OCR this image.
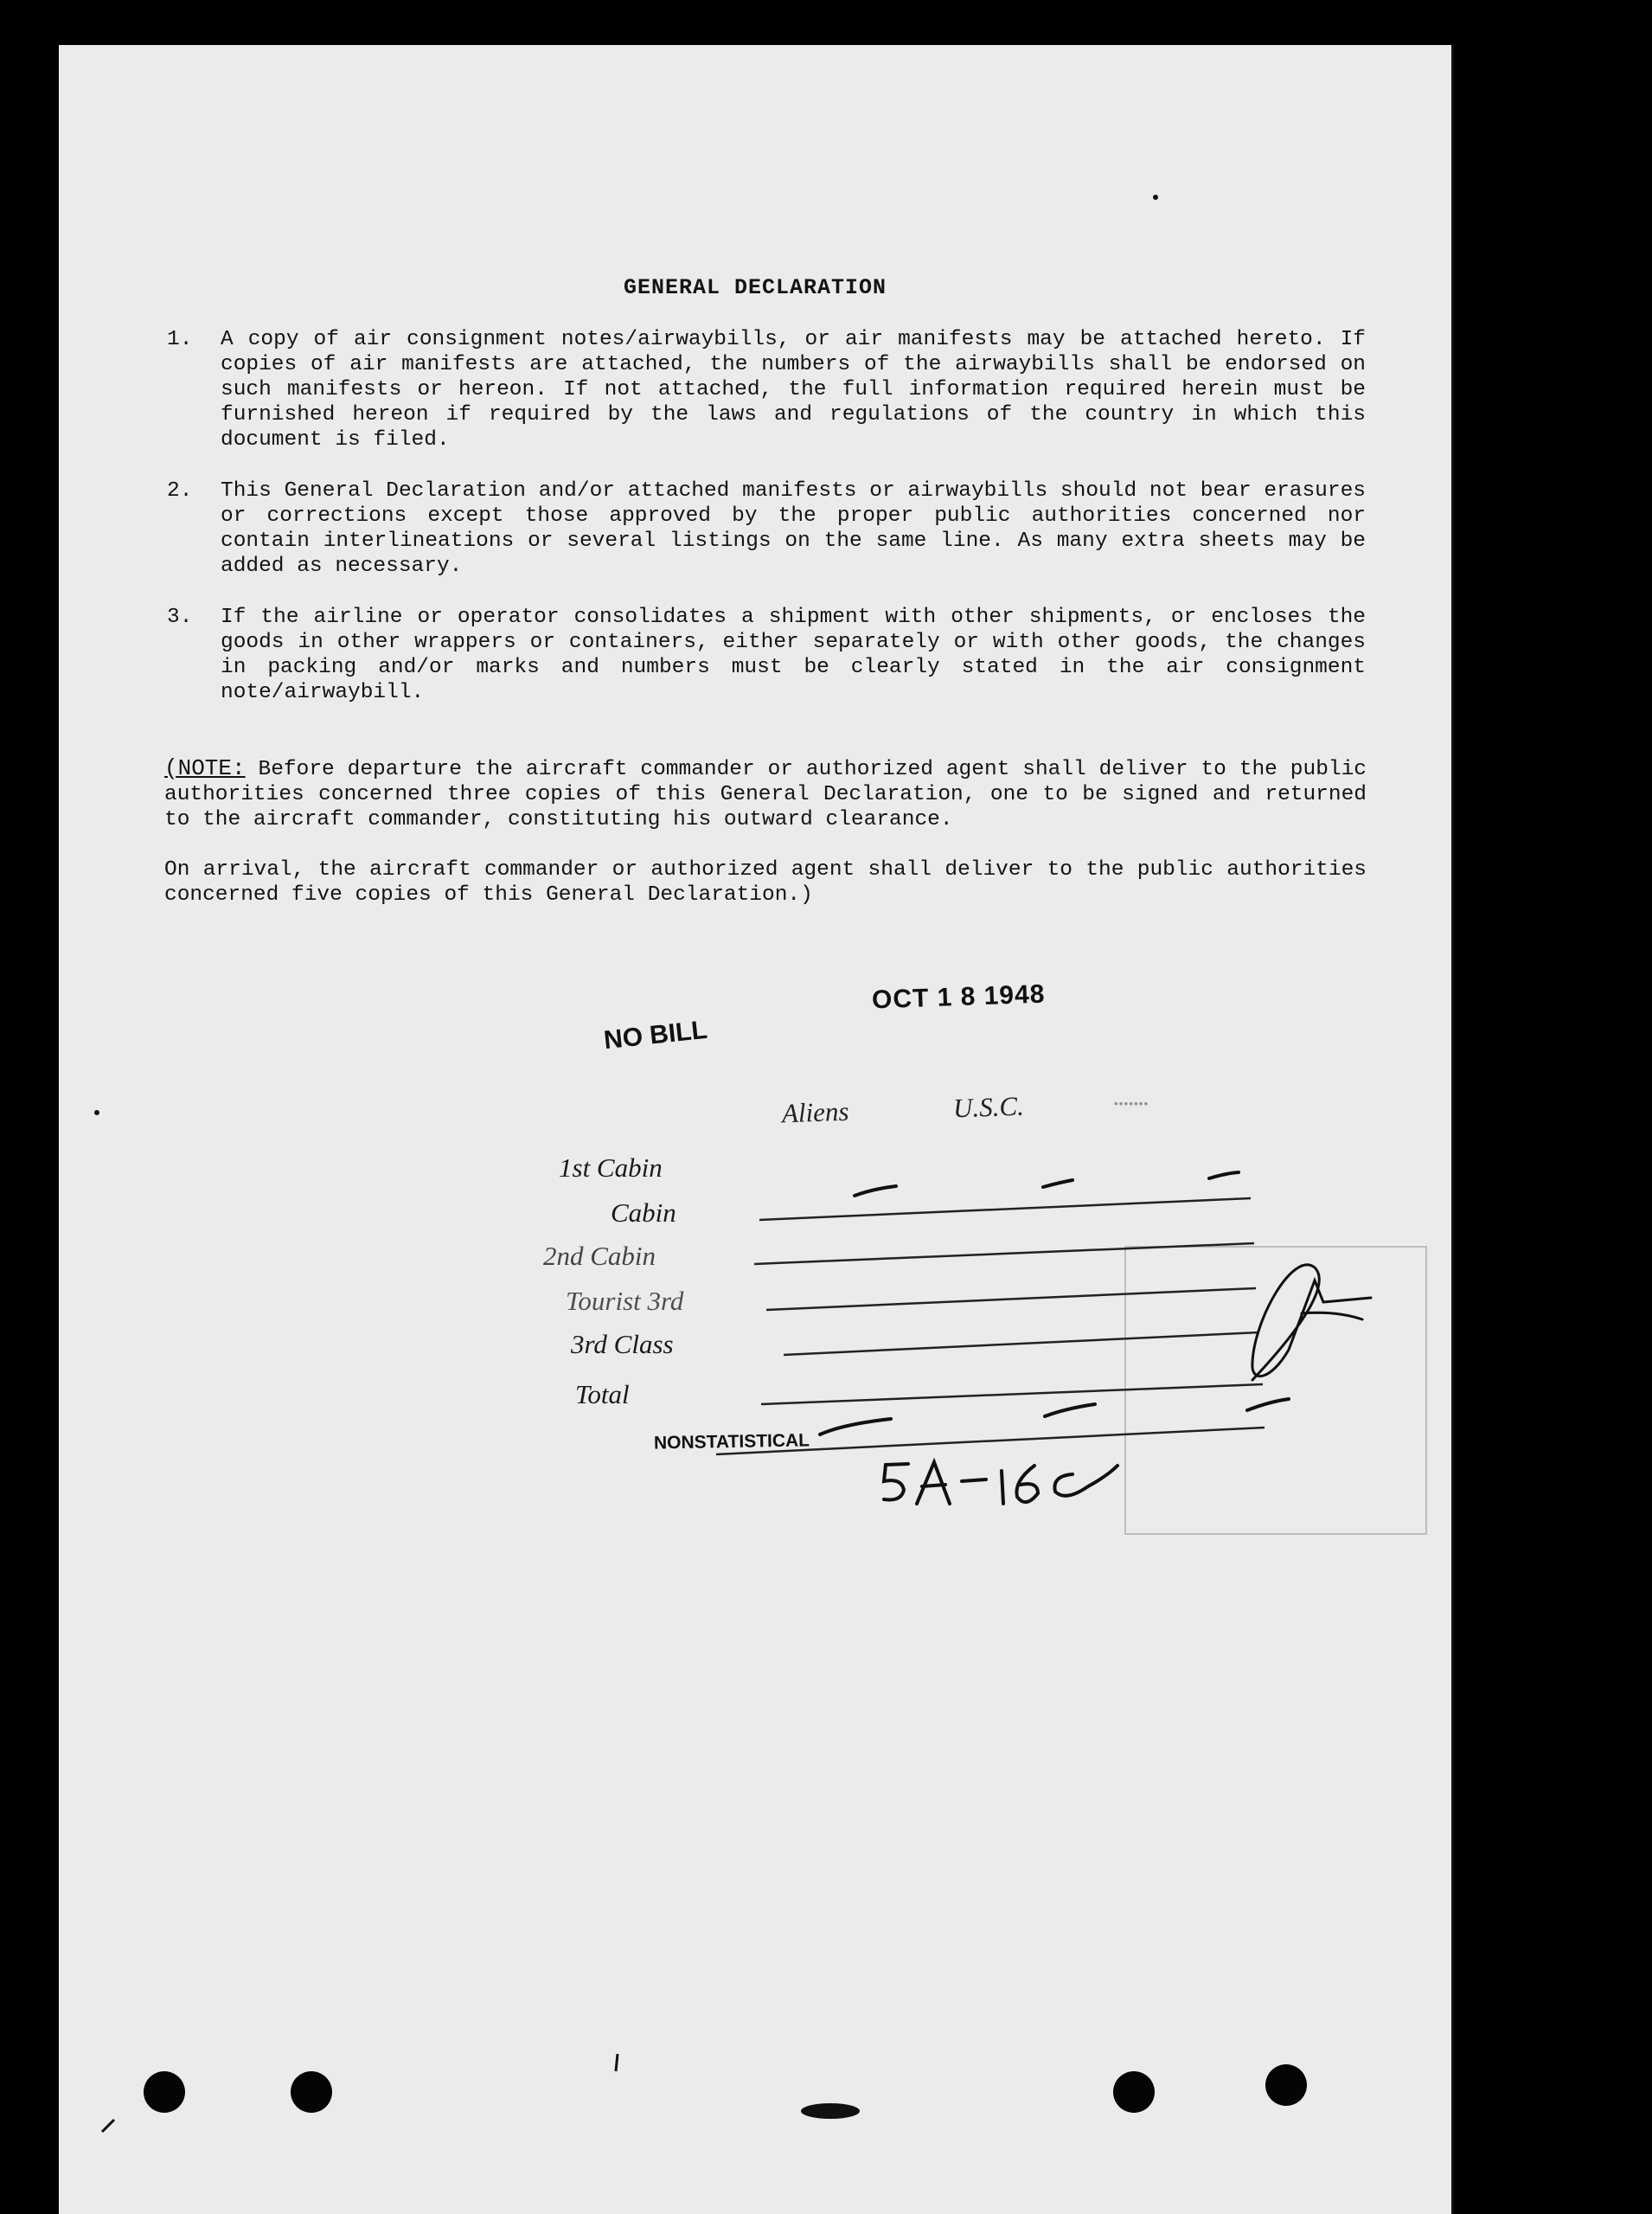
GENERAL DECLARATION
1. A copy of air consignment notes/airwaybills, or air manifests may be attached hereto. If copies of air manifests are attached, the numbers of the airwaybills shall be endorsed on such manifests or hereon. If not attached, the full information required herein must be furnished hereon if required by the laws and regulations of the country in which this document is filed.
2. This General Declaration and/or attached manifests or airwaybills should not bear erasures or corrections except those approved by the proper public authorities concerned nor contain interlineations or several listings on the same line. As many extra sheets may be added as necessary.
3. If the airline or operator consolidates a shipment with other shipments, or encloses the goods in other wrappers or containers, either separately or with other goods, the changes in packing and/or marks and numbers must be clearly stated in the air consignment note/airwaybill.
(NOTE: Before departure the aircraft commander or authorized agent shall deliver to the public authorities concerned three copies of this General Declaration, one to be signed and returned to the aircraft commander, constituting his outward clearance.
On arrival, the aircraft commander or authorized agent shall deliver to the public authorities concerned five copies of this General Declaration.)
OCT 1 8 1948
NO BILL
NONSTATISTICAL
Aliens	U.S.C.	·······
1st Cabin
Cabin
2nd Cabin
Tourist 3rd
3rd Class
Total
